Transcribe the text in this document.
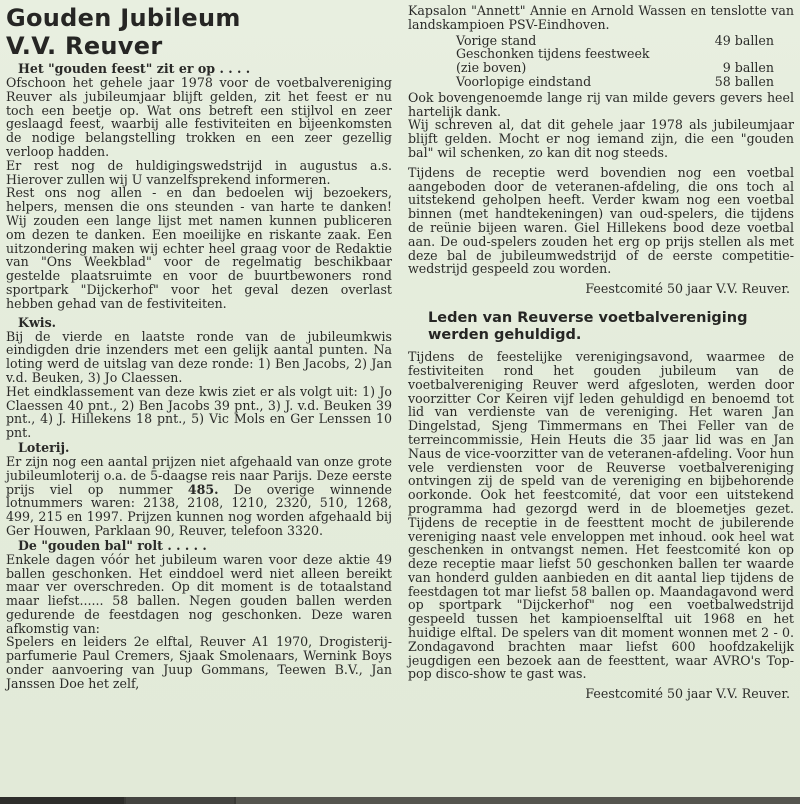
Gouden Jubileum
V.V. Reuver
Het "gouden feest" zit er op . . . .

Ofschoon het gehele jaar 1978 voor de voetbalvereniging Reuver als jubileumjaar blijft gelden, zit het feest er nu toch een beetje op. Wat ons betreft een stijlvol en zeer geslaagd feest, waarbij alle festiviteiten en bijeenkomsten de nodige belangstelling trokken en een zeer gezellig verloop hadden.

Er rest nog de huldigingswedstrijd in augustus a.s. Hierover zullen wij U vanzelfsprekend informeren.

Rest ons nog allen - en dan bedoelen wij bezoekers, helpers, mensen die ons steunden - van harte te danken! Wij zouden een lange lijst met namen kunnen publiceren om dezen te danken. Een moeilijke en riskante zaak. Een uitzondering maken wij echter heel graag voor de Redaktie van "Ons Weekblad" voor de regelmatig beschikbaar gestelde plaatsruimte en voor de buurtbewoners rond sportpark "Dijckerhof" voor het geval dezen overlast hebben gehad van de festiviteiten.

Kwis.

Bij de vierde en laatste ronde van de jubileumkwis eindigden drie inzenders met een gelijk aantal punten. Na loting werd de uitslag van deze ronde: 1) Ben Jacobs, 2) Jan v.d. Beuken, 3) Jo Claessen.

Het eindklassement van deze kwis ziet er als volgt uit: 1) Jo Claessen 40 pnt., 2) Ben Jacobs 39 pnt., 3) J. v.d. Beuken 39 pnt., 4) J. Hillekens 18 pnt., 5) Vic Mols en Ger Lenssen 10 pnt.

Loterij.

Er zijn nog een aantal prijzen niet afgehaald van onze grote jubileumloterij o.a. de 5-daagse reis naar Parijs. Deze eerste prijs viel op nummer 485. De overige winnende lotnummers waren: 2138, 2108, 1210, 2320, 510, 1268, 499, 215 en 1997. Prijzen kunnen nog worden afgehaald bij Ger Houwen, Parklaan 90, Reuver, telefoon 3320.

De "gouden bal" rolt . . . . .

Enkele dagen vóór het jubileum waren voor deze aktie 49 ballen geschonken. Het einddoel werd niet alleen bereikt maar ver overschreden. Op dit moment is de totaalstand maar liefst...... 58 ballen. Negen gouden ballen werden gedurende de feestdagen nog geschonken. Deze waren afkomstig van:

Spelers en leiders 2e elftal, Reuver A1 1970, Drogisterij-parfumerie Paul Cremers, Sjaak Smolenaars, Wernink Boys onder aanvoering van Juup Gommans, Teewen B.V., Jan Janssen Doe het zelf,

Kapsalon "Annett" Annie en Arnold Wassen en tenslotte van landskampioen PSV-Eindhoven.

Vorige stand	49 ballen
Geschonken tijdens feestweek
(zie boven)	9 ballen
Voorlopige eindstand	58 ballen

Ook bovengenoemde lange rij van milde gevers gevers heel hartelijk dank.

Wij schreven al, dat dit gehele jaar 1978 als jubileumjaar blijft gelden. Mocht er nog iemand zijn, die een "gouden bal" wil schenken, zo kan dit nog steeds.

Tijdens de receptie werd bovendien nog een voetbal aangeboden door de veteranen-afdeling, die ons toch al uitstekend geholpen heeft. Verder kwam nog een voetbal binnen (met handtekeningen) van oud-spelers, die tijdens de reünie bijeen waren. Giel Hillekens bood deze voetbal aan. De oud-spelers zouden het erg op prijs stellen als met deze bal de jubileumwedstrijd of de eerste competitie-wedstrijd gespeeld zou worden.

Feestcomité 50 jaar V.V. Reuver.
Leden van Reuverse voetbalvereniging
werden gehuldigd.

Tijdens de feestelijke verenigingsavond, waarmee de festiviteiten rond het gouden jubileum van de voetbalvereniging Reuver werd afgesloten, werden door voorzitter Cor Keiren vijf leden gehuldigd en benoemd tot lid van verdienste van de vereniging. Het waren Jan Dingelstad, Sjeng Timmermans en Thei Feller van de terreincommissie, Hein Heuts die 35 jaar lid was en Jan Naus de vice-voorzitter van de veteranen-afdeling. Voor hun vele verdiensten voor de Reuverse voetbalvereniging ontvingen zij de speld van de vereniging en bijbehorende oorkonde. Ook het feestcomité, dat voor een uitstekend programma had gezorgd werd in de bloemetjes gezet. Tijdens de receptie in de feesttent mocht de jubilerende vereniging naast vele enveloppen met inhoud. ook heel wat geschenken in ontvangst nemen. Het feestcomité kon op deze receptie maar liefst 50 geschonken ballen ter waarde van honderd gulden aanbieden en dit aantal liep tijdens de feestdagen tot mar liefst 58 ballen op. Maandagavond werd op sportpark "Dijckerhof" nog een voetbalwedstrijd gespeeld tussen het kampioenselftal uit 1968 en het huidige elftal. De spelers van dit moment wonnen met 2 - 0. Zondagavond brachten maar liefst 600 hoofdzakelijk jeugdigen een bezoek aan de feesttent, waar AVRO's Top-pop disco-show te gast was.

Feestcomité 50 jaar V.V. Reuver.
